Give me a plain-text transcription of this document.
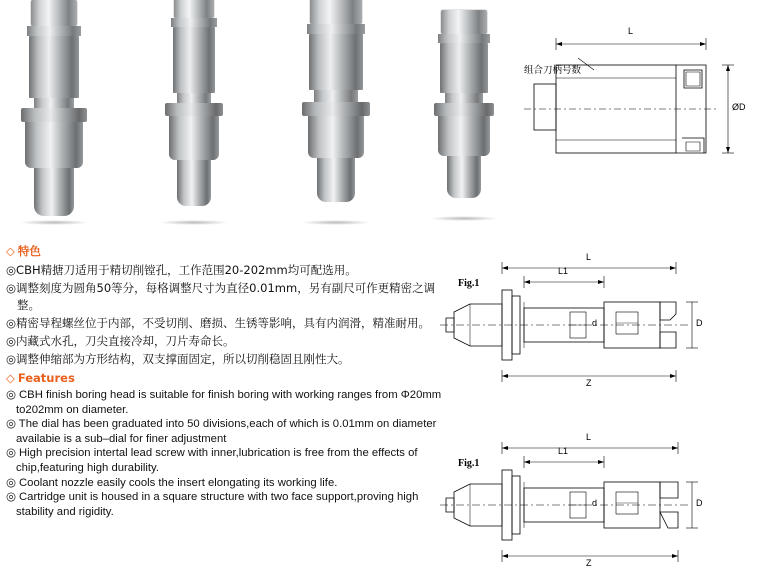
L
ØD
组合刀柄号数
◇ 特色

◎CBH精搪刀适用于精切削镗孔，工作范围20-202mm均可配选用。

◎调整刻度为圆角50等分，每格调整尺寸为直径0.01mm，另有副尺可作更精密之调整。

◎精密导程螺丝位于内部，不受切削、磨损、生锈等影响，具有内润滑，精准耐用。

◎内藏式水孔，刀尖直接冷却，刀片寿命长。

◎调整伸缩部为方形结构，双支撑面固定，所以切削稳固且刚性大。

◇ Features

◎ CBH finish boring head is suitable for finish boring with working ranges from Φ20mm to202mm on diameter.

◎ The dial has been graduated into 50 divisions,each of which is 0.01mm on diameter availabie is a sub–dial for finer adjustment

◎ High precision intertal lead screw with inner,lubrication is free from the effects of chip,featuring high durability.

◎ Coolant nozzle easily cools the insert elongating its working life.

◎ Cartridge unit is housed in a square structure with two face support,proving high stability and rigidity.

L
L1
D
d
Z
Fig.1
L
L1
D
d
Z
Fig.1
